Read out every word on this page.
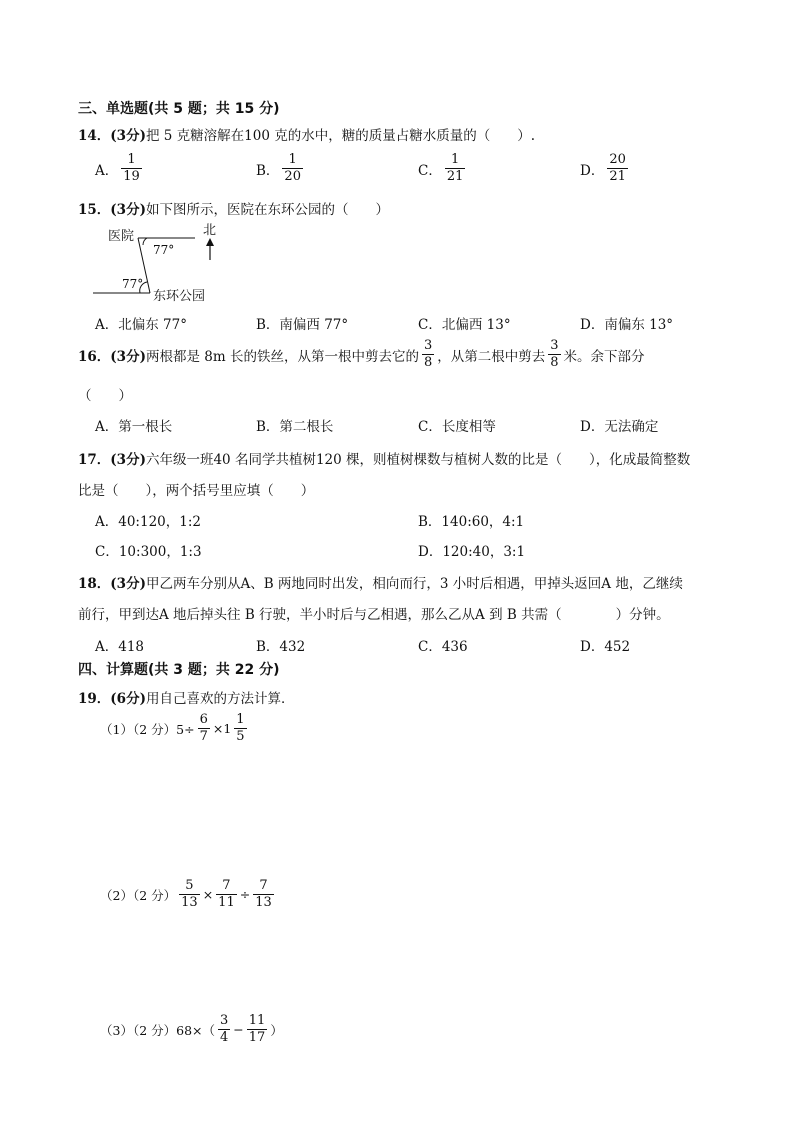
三、单选题(共 5 题；共 15 分)
14．(3分)把 5 克糖溶解在100 克的水中，糖的质量占糖水质量的（　　）.
A． $\frac{1}{19}$	B． $\frac{1}{20}$	C． $\frac{1}{21}$	D． $\frac{20}{21}$
15．(3分)如下图所示，医院在东环公园的（　　）
医院
77°
77°
东环公园
北
A．北偏东 77°	B．南偏西 77°	C．北偏西 13°	D．南偏东 13°
16．(3分) 两根都是 8m 长的铁丝，从第一根中剪去它的 $\frac{3}{8}$ ，从第二根中剪去 $\frac{3}{8}$ 米。余下部分
（　　）
A．第一根长	B．第二根长	C．长度相等	D．无法确定
17．(3分)六年级一班40 名同学共植树120 棵，则植树棵数与植树人数的比是（　　），化成最简整数
比是（　　），两个括号里应填（　　）
A．40:120，1:2	B．140:60，4:1
C．10:300，1:3	D．120:40，3:1
18．(3分)甲乙两车分别从A、B 两地同时出发，相向而行，3 小时后相遇，甲掉头返回A 地，乙继续
前行，甲到达A 地后掉头往 B 行驶，半小时后与乙相遇，那么乙从A 到 B 共需（　　　　）分钟。
A．418	B．432	C．436	D．452
四、计算题(共 3 题；共 22 分)
19．(6分)用自己喜欢的方法计算．
（1）（2 分）$5\div \frac{6}{7} \times 1 \frac{1}{5}$
（2）（2 分） $\frac{5}{13} \times \frac{7}{11} \div \frac{7}{13}$
（3）（2 分）$68\times( \frac{3}{4} - \frac{11}{17}$ ）
